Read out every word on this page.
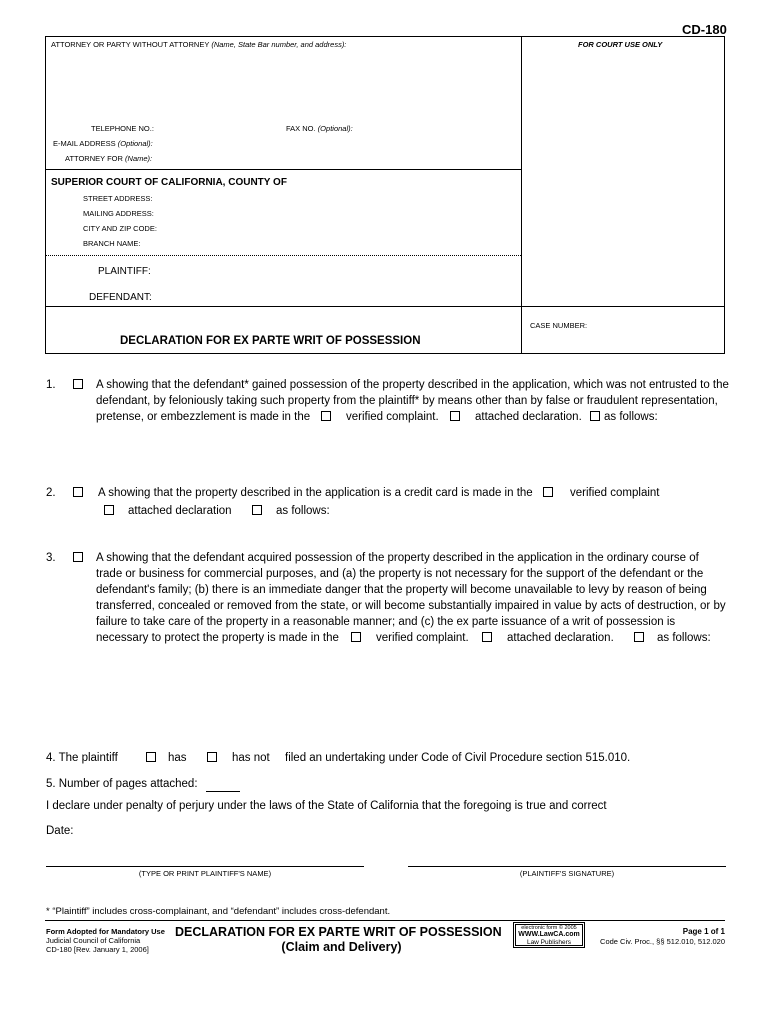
CD-180
ATTORNEY OR PARTY WITHOUT ATTORNEY (Name, State Bar number, and address):	FOR COURT USE ONLY
TELEPHONE NO.:	FAX NO. (Optional):
E-MAIL ADDRESS (Optional):
ATTORNEY FOR (Name):
SUPERIOR COURT OF CALIFORNIA, COUNTY OF
STREET ADDRESS:
MAILING ADDRESS:
CITY AND ZIP CODE:
BRANCH NAME:
PLAINTIFF:
DEFENDANT:
DECLARATION FOR EX PARTE WRIT OF POSSESSION
CASE NUMBER:
1.	A showing that the defendant* gained possession of the property described in the application, which was not entrusted to the
defendant, by feloniously taking such property from the plaintiff* by means other than by false or fraudulent representation,
pretense, or embezzlement is made in the	verified complaint.	attached declaration. as follows:
2.	A showing that the property described in the application is a credit card is made in the	verified complaint
attached declaration	as follows:
3.	A showing that the defendant acquired possession of the property described in the application in the ordinary course of
trade or business for commercial purposes, and (a) the property is not necessary for the support of the defendant or the
defendant's family; (b) there is an immediate danger that the property will become unavailable to levy by reason of being
transferred, concealed or removed from the state, or will become substantially impaired in value by acts of destruction, or by
failure to take care of the property in a reasonable manner; and (c) the ex parte issuance of a writ of possession is
necessary to protect the property is made in the	verified complaint.	attached declaration.	as follows:
4. The plaintiff	has	has not filed an undertaking under Code of Civil Procedure section 515.010.
5. Number of pages attached:
I declare under penalty of perjury under the laws of the State of California that the foregoing is true and correct
Date:
(TYPE OR PRINT PLAINTIFF'S NAME)	(PLAINTIFF'S SIGNATURE)
* “Plaintiff” includes cross-complainant, and “defendant” includes cross-defendant.
Form Adopted for Mandatory Use
Judicial Council of California
CD-180 [Rev. January 1, 2006]
DECLARATION FOR EX PARTE WRIT OF POSSESSION
(Claim and Delivery)
electronic form © 2005
WWW.LawCA.com
Law Publishers
Page 1 of 1
Code Civ. Proc., §§ 512.010, 512.020
